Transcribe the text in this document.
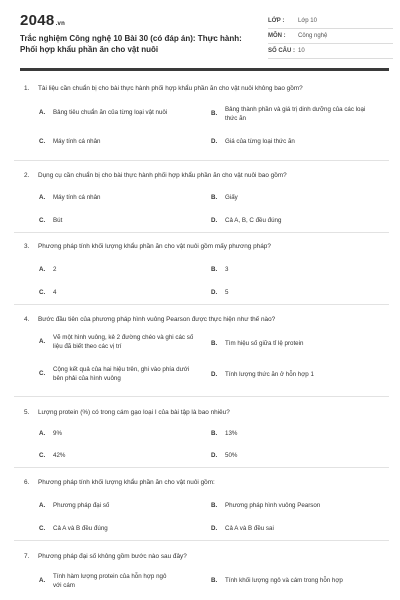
2048.vn
Trắc nghiệm Công nghệ 10 Bài 30 (có đáp án): Thực hành:
Phối hợp khẩu phần ăn cho vật nuôi
LỚP :	Lớp 10
MÔN :	Công nghệ
SỐ CÂU : 10
1. Tài liệu cần chuẩn bị cho bài thực hành phối hợp khẩu phần ăn cho vật nuôi không bao gồm?
A.	Bảng tiêu chuẩn ăn của từng loại vật nuôi	B.
Bảng thành phần và giá trị dinh dưỡng của các loại thức ăn
C.	Máy tính cá nhân	D.	Giá của từng loại thức ăn
2. Dụng cụ cần chuẩn bị cho bài thực hành phối hợp khẩu phần ăn cho vật nuôi bao gồm?
A.	Máy tính cá nhân	B.	Giấy
C.	Bút	D.	Cả A, B, C đều đúng
3. Phương pháp tính khối lượng khẩu phần ăn cho vật nuôi gồm mấy phương pháp?
A.	2	B.	3
C.	4	D.	5
4. Bước đầu tiên của phương pháp hình vuông Pearson được thực hiện như thế nào?
A.
Vẽ một hình vuông, kẻ 2 đường chéo và ghi các số liệu đã biết theo các vị trí	B.	Tìm hiệu số giữa tỉ lệ protein
C.
Cộng kết quả của hai hiệu trên, ghi vào phía dưới bên phải của hình vuông	D.	Tính lượng thức ăn ở hỗn hợp 1
5. Lượng protein (%) có trong cám gạo loại I của bài tập là bao nhiêu?
A.	9%	B.	13%
C.	42%	D.	50%
6. Phương pháp tính khối lượng khẩu phần ăn cho vật nuôi gồm:
A.	Phương pháp đại số	B.	Phương pháp hình vuông Pearson
C.	Cả A và B đều đúng	D.	Cả A và B đều sai
7. Phương pháp đại số không gồm bước nào sau đây?
A.
Tính hàm lượng protein của hỗn hợp ngô với cám
B.	Tính khối lượng ngô và cám trong hỗn hợp
